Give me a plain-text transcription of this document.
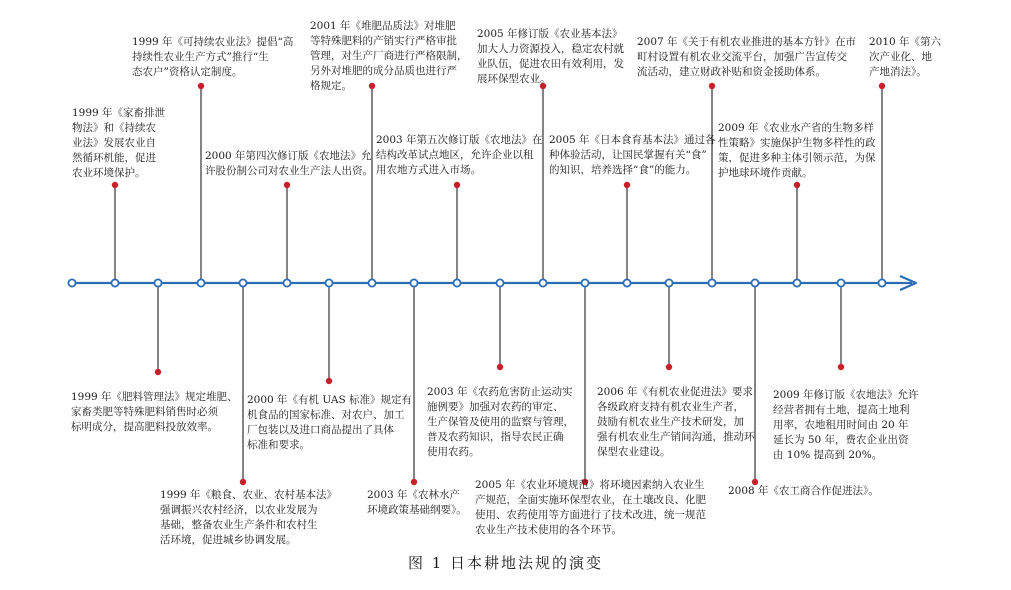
1999 年《家畜排泄
物法》和《持续农
业法》发展农业自
然循环机能，促进
农业环境保护。
1999 年《可持续农业法》提倡“高
持续性农业生产方式”推行“生
态农户”资格认定制度。
2000 年第四次修订版《农地法》允
许股份制公司对农业生产法人出资。
2001 年《堆肥品质法》对堆肥
等特殊肥料的产销实行严格审批
管理，对生产厂商进行严格限制，
另外对堆肥的成分品质也进行严
格规定。
2003 年第五次修订版《农地法》在
结构改革试点地区，允许企业以租
用农地方式进入市场。
2005 年修订版《农业基本法》
加大人力资源投入，稳定农村就
业队伍，促进农田有效利用，发
展环保型农业。
2005 年《日本食育基本法》通过各
种体验活动，让国民掌握有关“食”
的知识，培养选择“食”的能力。
2007 年《关于有机农业推进的基本方针》在市
町村设置有机农业交流平台，加强广告宣传交
流活动，建立财政补贴和资金援助体系。
2009 年《农业水产省的生物多样
性策略》实施保护生物多样性的政
策，促进多种主体引领示范，为保
护地球环境作贡献。
2010 年《第六
次产业化、地
产地消法》。
1999 年《肥料管理法》规定堆肥、
家畜类肥等特殊肥料销售时必须
标明成分，提高肥料投放效率。
1999 年《粮食、农业、农村基本法》
强调振兴农村经济，以农业发展为
基础，整备农业生产条件和农村生
活环境，促进城乡协调发展。
2000 年《有机 UAS 标准》规定有
机食品的国家标准、对农户、加工
厂包装以及进口商品提出了具体
标准和要求。
2003 年《农林水产
环境政策基础纲要》。
2003 年《农药危害防止运动实
施例要》加强对农药的审定、
生产保管及使用的监察与管理，
普及农药知识，指导农民正确
使用农药。
2005 年《农业环境规范》将环境因素纳入农业生
产规范，全面实施环保型农业，在土壤改良、化肥
使用、农药使用等方面进行了技术改进，统一规范
农业生产技术使用的各个环节。
2006 年《有机农业促进法》要求
各级政府支持有机农业生产者，
鼓励有机农业生产技术研发，加
强有机农业生产销间沟通，推动环
保型农业建设。
2008 年《农工商合作促进法》。
2009 年修订版《农地法》允许
经营者拥有土地，提高土地利
用率，农地租用时间由 20 年
延长为 50 年，费农企业出资
由 10% 提高到 20%。
图 1 日本耕地法规的演变
